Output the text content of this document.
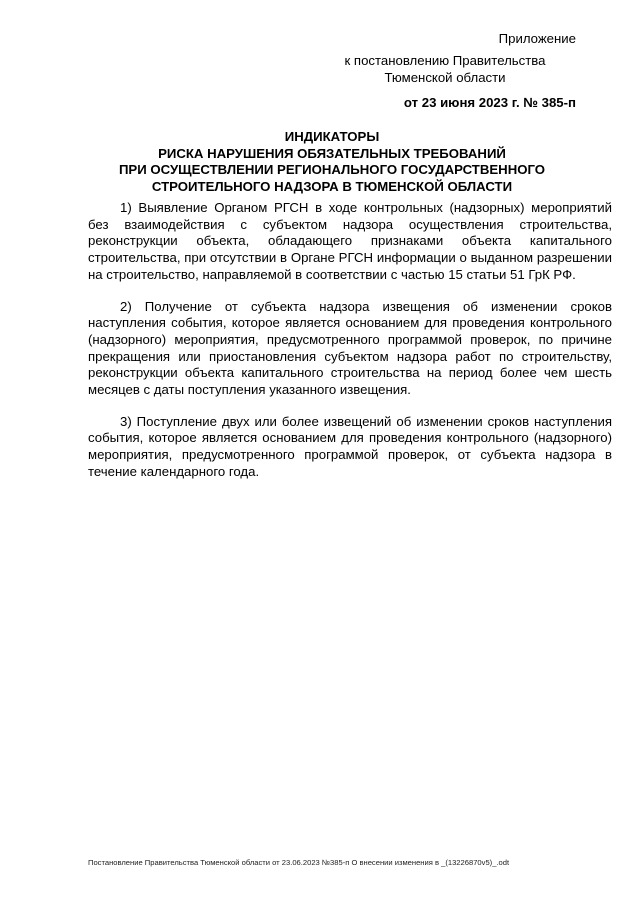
Приложение
к постановлению Правительства
Тюменской области
от 23 июня 2023 г. № 385-п
ИНДИКАТОРЫ
РИСКА НАРУШЕНИЯ ОБЯЗАТЕЛЬНЫХ ТРЕБОВАНИЙ
ПРИ ОСУЩЕСТВЛЕНИИ РЕГИОНАЛЬНОГО ГОСУДАРСТВЕННОГО
СТРОИТЕЛЬНОГО НАДЗОРА В ТЮМЕНСКОЙ ОБЛАСТИ

1) Выявление Органом РГСН в ходе контрольных (надзорных) мероприятий без взаимодействия с субъектом надзора осуществления строительства, реконструкции объекта, обладающего признаками объекта капитального строительства, при отсутствии в Органе РГСН информации о выданном разрешении на строительство, направляемой в соответствии с частью 15 статьи 51 ГрК РФ.

2) Получение от субъекта надзора извещения об изменении сроков наступления события, которое является основанием для проведения контрольного (надзорного) мероприятия, предусмотренного программой проверок, по причине прекращения или приостановления субъектом надзора работ по строительству, реконструкции объекта капитального строительства на период более чем шесть месяцев с даты поступления указанного извещения.

3) Поступление двух или более извещений об изменении сроков наступления события, которое является основанием для проведения контрольного (надзорного) мероприятия, предусмотренного программой проверок, от субъекта надзора в течение календарного года.

Постановление Правительства Тюменской области от 23.06.2023 №385-п О внесении изменения в _(13226870v5)_.odt
